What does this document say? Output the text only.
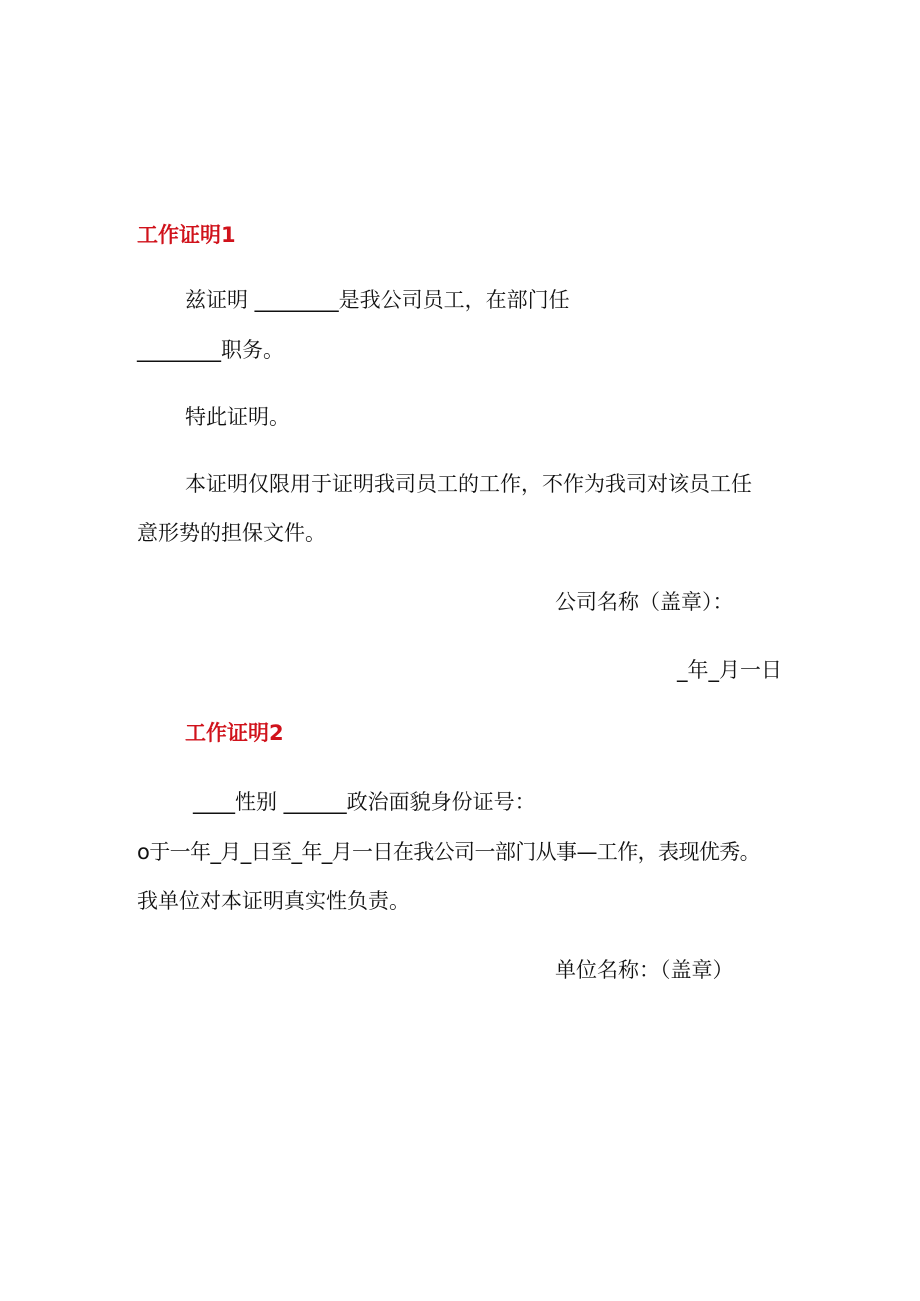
工作证明1

兹证明 ________是我公司员工，在部门任

________职务。

特此证明。

本证明仅限用于证明我司员工的工作，不作为我司对该员工任

意形势的担保文件。

公司名称（盖章）：

_年_月一日

工作证明2

____性别 ______政治面貌身份证号：

o于一年_月_日至_年_月一日在我公司一部门从事—工作，表现优秀。

我单位对本证明真实性负责。

单位名称：（盖章）
